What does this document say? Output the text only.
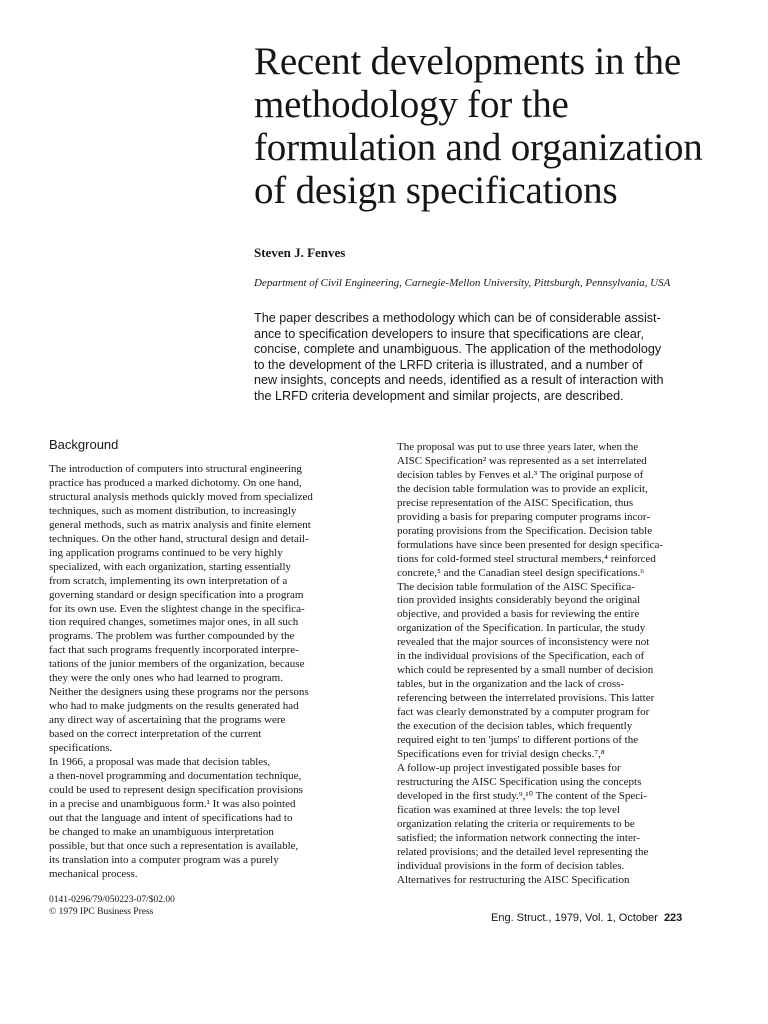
Recent developments in the
methodology for the
formulation and organization
of design specifications

Steven J. Fenves

Department of Civil Engineering, Carnegie-Mellon University, Pittsburgh, Pennsylvania, USA

The paper describes a methodology which can be of considerable assist-
ance to specification developers to insure that specifications are clear,
concise, complete and unambiguous. The application of the methodology
to the development of the LRFD criteria is illustrated, and a number of
new insights, concepts and needs, identified as a result of interaction with
the LRFD criteria development and similar projects, are described.
Background
The introduction of computers into structural engineering
practice has produced a marked dichotomy. On one hand,
structural analysis methods quickly moved from specialized
techniques, such as moment distribution, to increasingly
general methods, such as matrix analysis and finite element
techniques. On the other hand, structural design and detail-
ing application programs continued to be very highly
specialized, with each organization, starting essentially
from scratch, implementing its own interpretation of a
governing standard or design specification into a program
for its own use. Even the slightest change in the specifica-
tion required changes, sometimes major ones, in all such
programs. The problem was further compounded by the
fact that such programs frequently incorporated interpre-
tations of the junior members of the organization, because
they were the only ones who had learned to program.
Neither the designers using these programs nor the persons
who had to make judgments on the results generated had
any direct way of ascertaining that the programs were
based on the correct interpretation of the current
specifications.
In 1966, a proposal was made that decision tables,
a then-novel programming and documentation technique,
could be used to represent design specification provisions
in a precise and unambiguous form.¹ It was also pointed
out that the language and intent of specifications had to
be changed to make an unambiguous interpretation
possible, but that once such a representation is available,
its translation into a computer program was a purely
mechanical process.
The proposal was put to use three years later, when the
AISC Specification² was represented as a set interrelated
decision tables by Fenves et al.³ The original purpose of
the decision table formulation was to provide an explicit,
precise representation of the AISC Specification, thus
providing a basis for preparing computer programs incor-
porating provisions from the Specification. Decision table
formulations have since been presented for design specifica-
tions for cold-formed steel structural members,⁴ reinforced
concrete,⁵ and the Canadian steel design specifications.⁶
The decision table formulation of the AISC Specifica-
tion provided insights considerably beyond the original
objective, and provided a basis for reviewing the entire
organization of the Specification. In particular, the study
revealed that the major sources of inconsistency were not
in the individual provisions of the Specification, each of
which could be represented by a small number of decision
tables, but in the organization and the lack of cross-
referencing between the interrelated provisions. This latter
fact was clearly demonstrated by a computer program for
the execution of the decision tables, which frequently
required eight to ten 'jumps' to different portions of the
Specifications even for trivial design checks.⁷,⁸
A follow-up project investigated possible bases for
restructuring the AISC Specification using the concepts
developed in the first study.⁹,¹⁰ The content of the Speci-
fication was examined at three levels: the top level
organization relating the criteria or requirements to be
satisfied; the information network connecting the inter-
related provisions; and the detailed level representing the
individual provisions in the form of decision tables.
Alternatives for restructuring the AISC Specification
0141-0296/79/050223-07/$02.00
© 1979 IPC Business Press	Eng. Struct., 1979, Vol. 1, October 223
